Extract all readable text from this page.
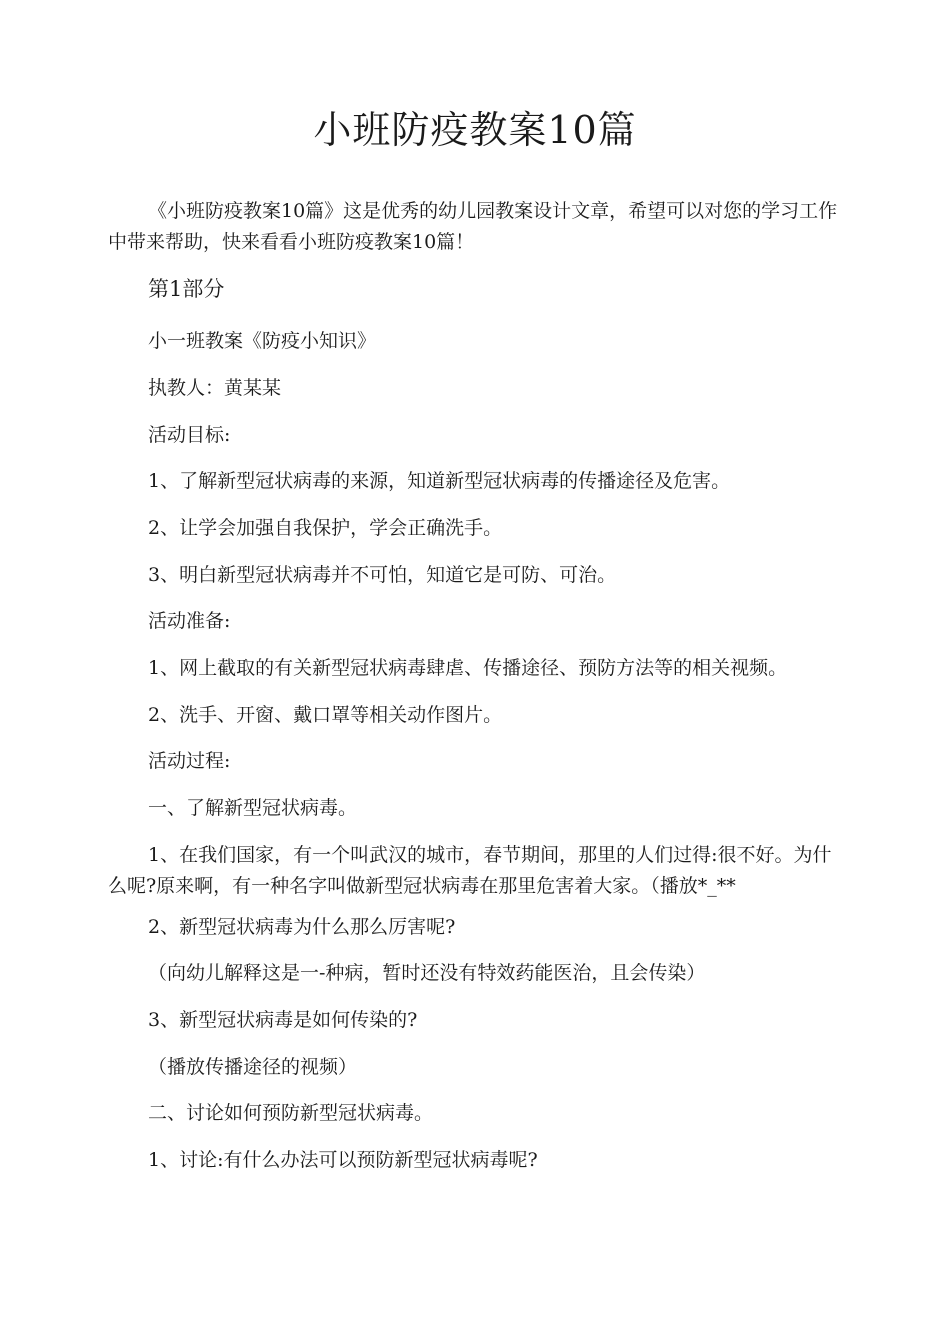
小班防疫教案10篇

《小班防疫教案10篇》这是优秀的幼儿园教案设计文章，希望可以对您的学习工作中带来帮助，快来看看小班防疫教案10篇！

第1部分

小一班教案《防疫小知识》

执教人：黄某某

活动目标:

1、了解新型冠状病毒的来源，知道新型冠状病毒的传播途径及危害。

2、让学会加强自我保护，学会正确洗手。

3、明白新型冠状病毒并不可怕，知道它是可防、可治。

活动准备:

1、网上截取的有关新型冠状病毒肆虐、传播途径、预防方法等的相关视频。

2、洗手、开窗、戴口罩等相关动作图片。

活动过程:

一、了解新型冠状病毒。

1、在我们国家，有一个叫武汉的城市，春节期间，那里的人们过得:很不好。为什么呢?原来啊，有一种名字叫做新型冠状病毒在那里危害着大家。（播放*_**

2、新型冠状病毒为什么那么厉害呢?

（向幼儿解释这是一-种病，暂时还没有特效药能医治，且会传染）

3、新型冠状病毒是如何传染的?

（播放传播途径的视频）

二、讨论如何预防新型冠状病毒。

1、讨论:有什么办法可以预防新型冠状病毒呢?
